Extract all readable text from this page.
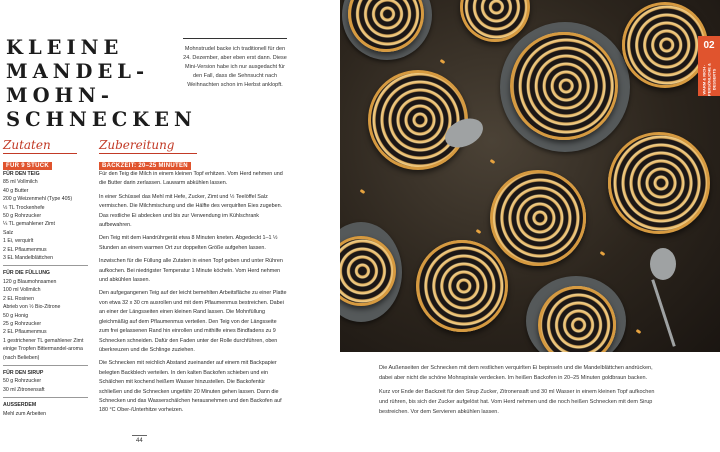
KLEINE
MANDEL-
MOHN-
SCHNECKEN
Mohnstrudel backe ich traditionell für den 24. Dezember, aber eben erst dann. Diese Mini-Version habe ich nur ausgedacht für den Fall, dass die Sehnsucht nach Weihnachten schon im Herbst anklopft.
Zutaten
FÜR 9 STÜCK
Zubereitung
BACKZEIT: 20–25 MINUTEN
FÜR DEN TEIG
85 ml Vollmilch
40 g Butter
200 g Weizenmehl (Type 405)
½ TL Trockenhefe
50 g Rohrzucker
¼ TL gemahlener Zimt
Salz
1 Ei, verquirlt
2 EL Pflaumenmus
3 EL Mandelblättchen
FÜR DIE FÜLLUNG
120 g Blaumohnsamen
100 ml Vollmilch
2 EL Rosinen
Abrieb von ½ Bio-Zitrone
50 g Honig
25 g Rohrzucker
2 EL Pflaumenmus
1 gestrichener TL gemahlener Zimt
einige Tropfen Bittermandel-aroma (nach Belieben)
FÜR DEN SIRUP
50 g Rohrzucker
30 ml Zitronensaft
AUSSERDEM
Mehl zum Arbeiten

Für den Teig die Milch in einem kleinen Topf erhitzen. Vom Herd nehmen und die Butter darin zerlassen. Lauwarm abkühlen lassen.

In einer Schüssel das Mehl mit Hefe, Zucker, Zimt und ½ Teelöffel Salz vermischen. Die Milchmischung und die Hälfte des verquirlten Eies zugeben. Das restliche Ei abdecken und bis zur Verwendung im Kühlschrank aufbewahren.

Den Teig mit dem Handrührgerät etwa 8 Minuten kneten. Abgedeckt 1–1 ½ Stunden an einem warmen Ort zur doppelten Größe aufgehen lassen.

Inzwischen für die Füllung alle Zutaten in einen Topf geben und unter Rühren aufkochen. Bei niedrigster Temperatur 1 Minute köcheln. Vom Herd nehmen und abkühlen lassen.

Den aufgegangenen Teig auf der leicht bemehlten Arbeitsfläche zu einer Platte von etwa 32 x 30 cm ausrollen und mit dem Pflaumenmus bestreichen. Dabei an einer der Längsseiten einen kleinen Rand lassen. Die Mohnfüllung gleichmäßig auf dem Pflaumenmus verteilen. Den Teig von der Längsseite zum frei gelassenen Rand hin einrollen und mithilfe eines Bindfadens zu 9 Schnecken schneiden. Dafür den Faden unter der Rolle durchführen, oben überkreuzen und die Schlinge zuziehen.

Die Schnecken mit reichlich Abstand zueinander auf einem mit Backpapier belegten Backblech verteilen. In den kalten Backofen schieben und ein Schälchen mit kochend heißem Wasser hinzustellen. Die Backofentür schließen und die Schnecken ungefähr 20 Minuten gehen lassen. Dann die Schnecken und das Wasserschälchen herausnehmen und den Backofen auf 180 °C Ober-/Unterhitze vorheizen.

44
02
WARM & RICH · PERSÖNLICHE & DESSERTS

Die Außenseiten der Schnecken mit dem restlichen verquirlten Ei bepinseln und die Mandelblättchen andrücken, dabei aber nicht die schöne Mohnspirale verdecken. Im heißen Backofen in 20–25 Minuten goldbraun backen.

Kurz vor Ende der Backzeit für den Sirup Zucker, Zitronensaft und 30 ml Wasser in einem kleinen Topf aufkochen und rühren, bis sich der Zucker aufgelöst hat. Vom Herd nehmen und die noch heißen Schnecken mit dem Sirup bestreichen. Vor dem Servieren abkühlen lassen.
